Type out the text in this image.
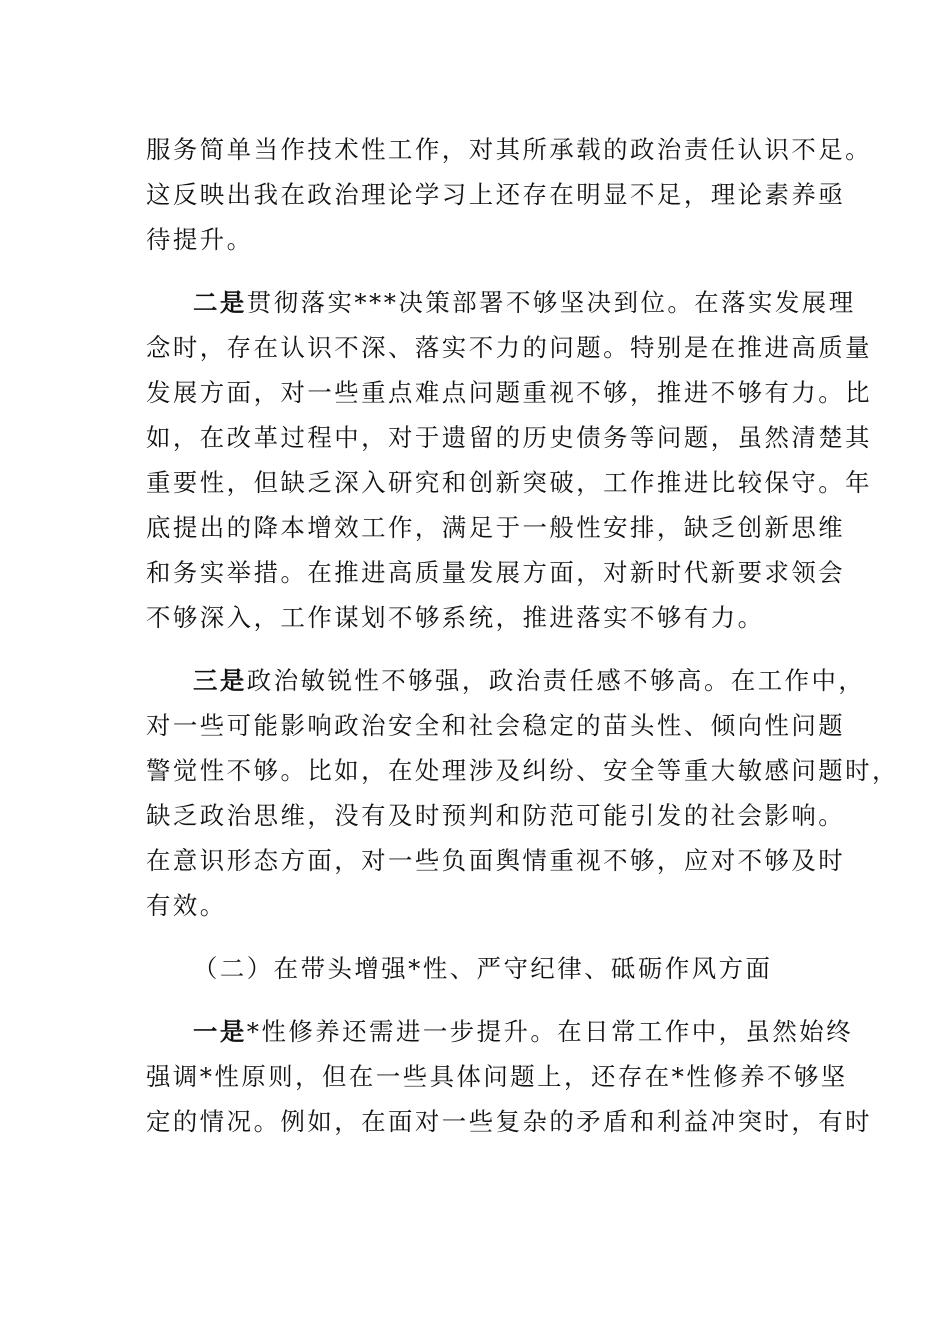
服务简单当作技术性工作，对其所承载的政治责任认识不足。
这反映出我在政治理论学习上还存在明显不足，理论素养亟
待提升。
二是贯彻落实***决策部署不够坚决到位。在落实发展理
念时，存在认识不深、落实不力的问题。特别是在推进高质量
发展方面，对一些重点难点问题重视不够，推进不够有力。比
如，在改革过程中，对于遗留的历史债务等问题，虽然清楚其
重要性，但缺乏深入研究和创新突破，工作推进比较保守。年
底提出的降本增效工作，满足于一般性安排，缺乏创新思维
和务实举措。在推进高质量发展方面，对新时代新要求领会
不够深入，工作谋划不够系统，推进落实不够有力。
三是政治敏锐性不够强，政治责任感不够高。在工作中，
对一些可能影响政治安全和社会稳定的苗头性、倾向性问题
警觉性不够。比如，在处理涉及纠纷、安全等重大敏感问题时，
缺乏政治思维，没有及时预判和防范可能引发的社会影响。
在意识形态方面，对一些负面舆情重视不够，应对不够及时
有效。
（二）在带头增强*性、严守纪律、砥砺作风方面
一是*性修养还需进一步提升。在日常工作中，虽然始终
强调*性原则，但在一些具体问题上，还存在*性修养不够坚
定的情况。例如，在面对一些复杂的矛盾和利益冲突时，有时
